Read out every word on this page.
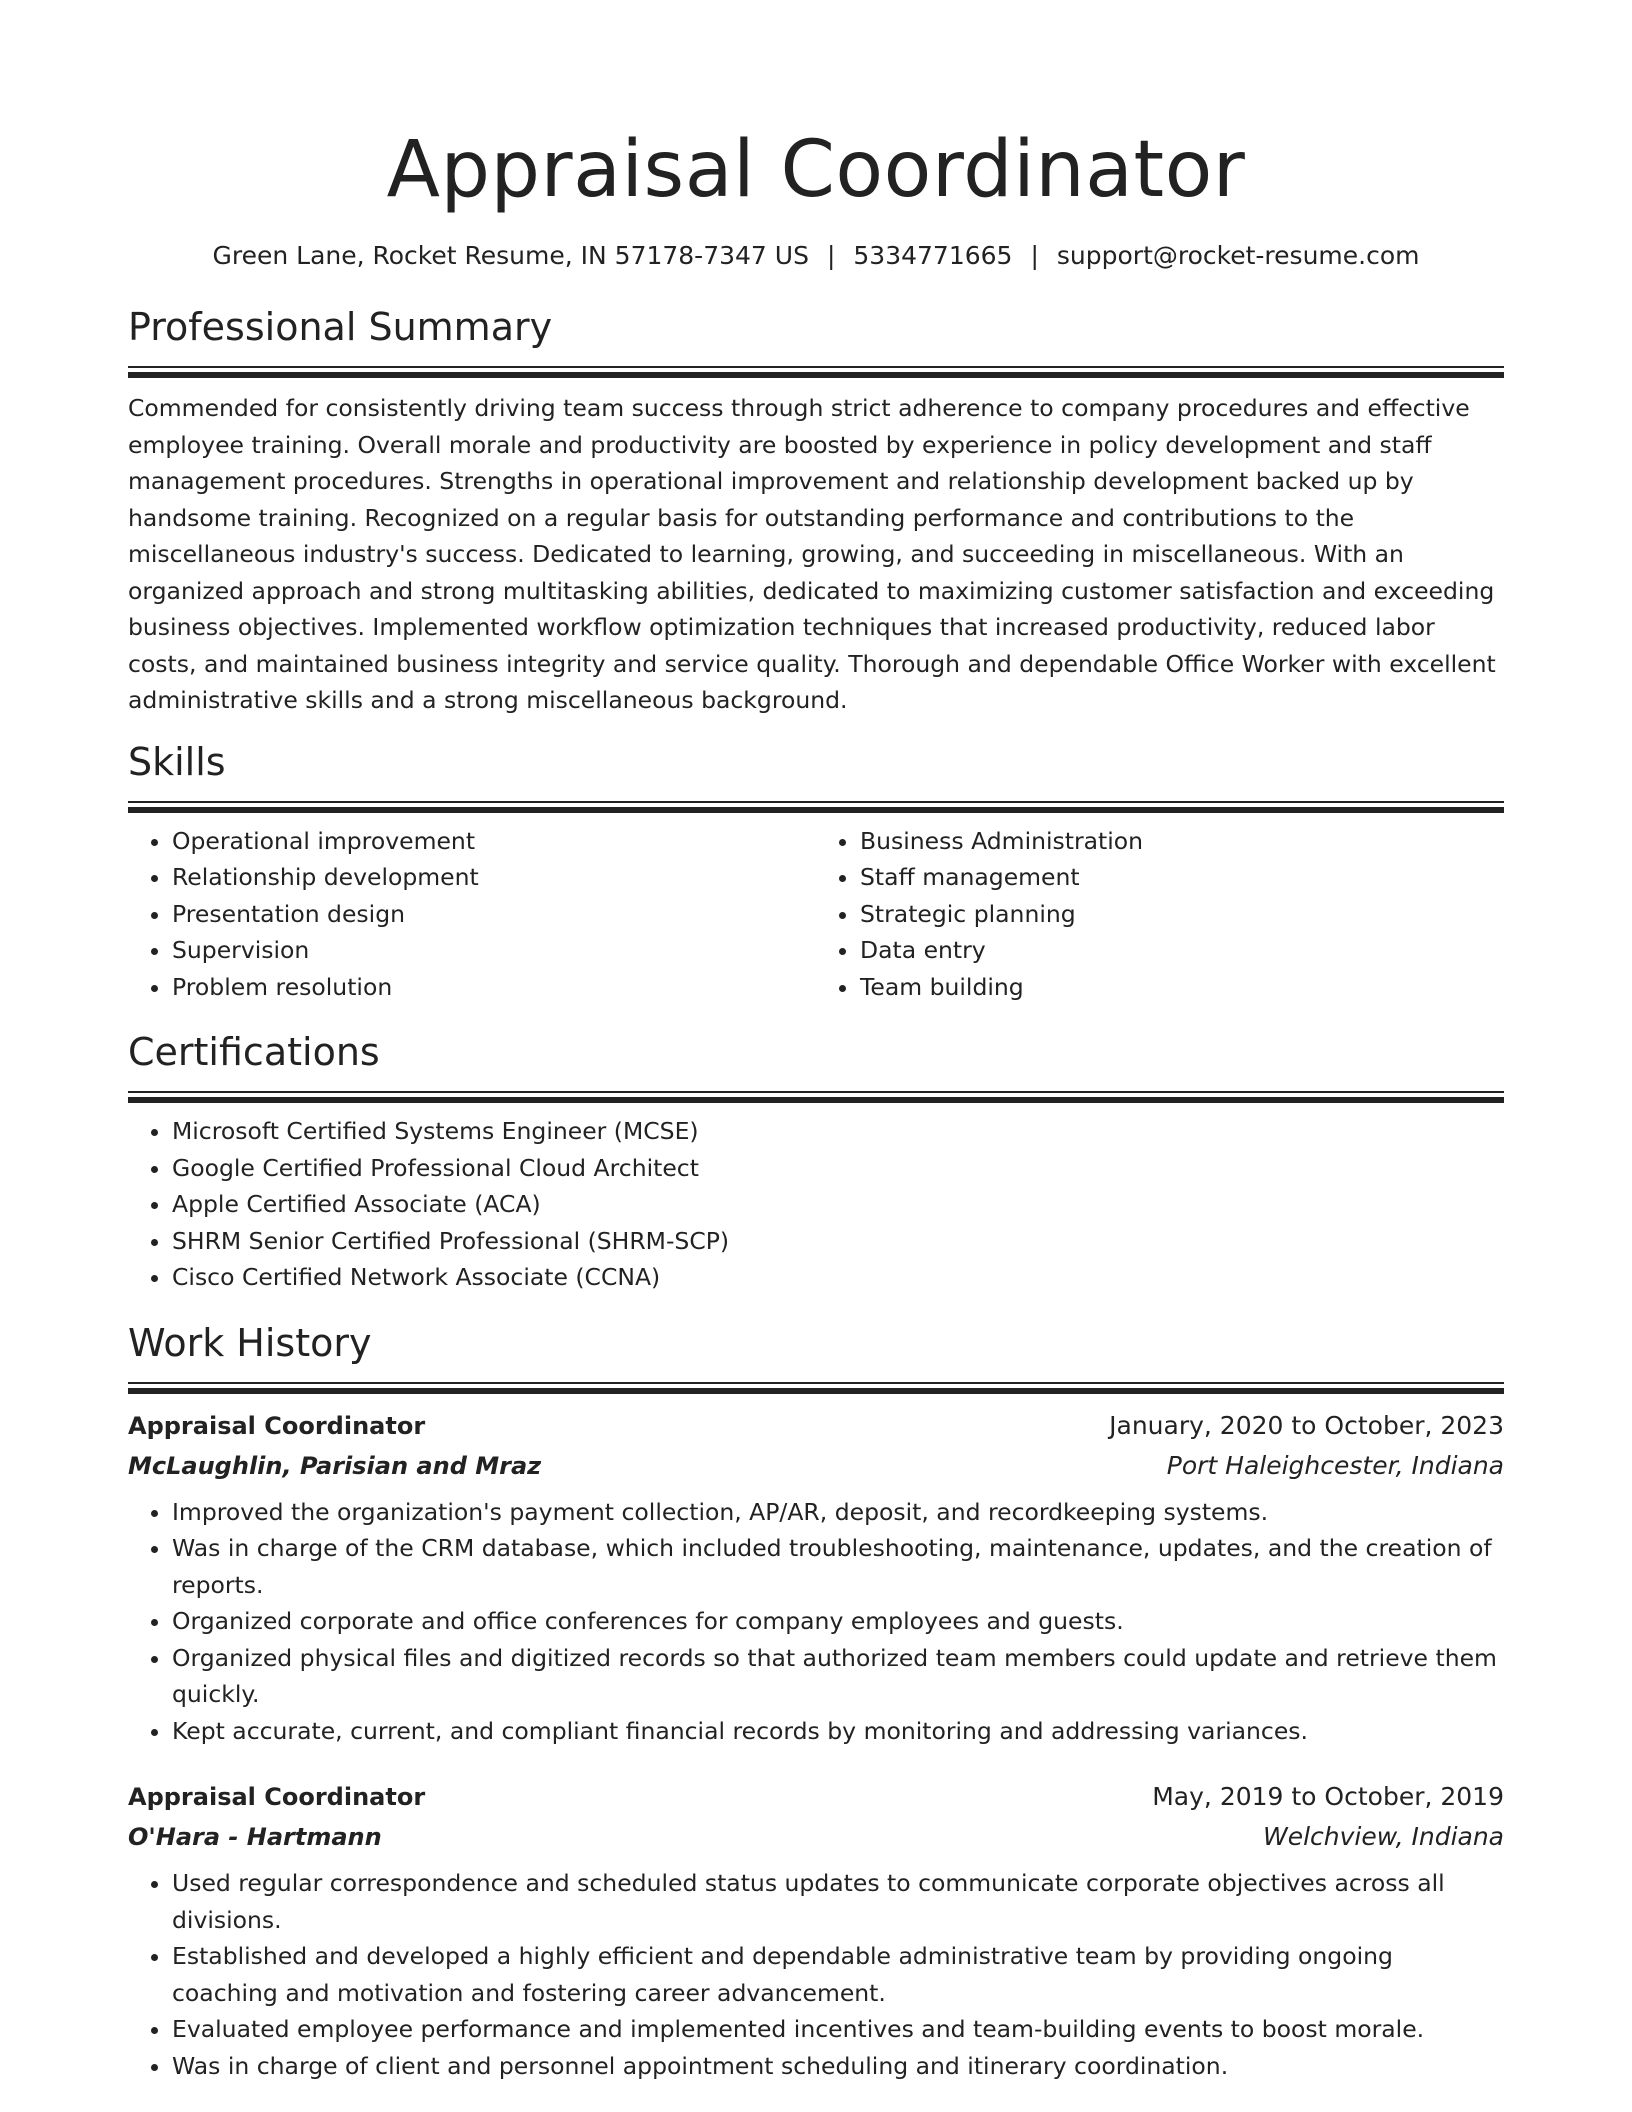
Appraisal Coordinator
Green Lane, Rocket Resume, IN 57178-7347 US | 5334771665 | support@rocket-resume.com
Professional Summary

Commended for consistently driving team success through strict adherence to company procedures and effective employee training. Overall morale and productivity are boosted by experience in policy development and staff management procedures. Strengths in operational improvement and relationship development backed up by handsome training. Recognized on a regular basis for outstanding performance and contributions to the miscellaneous industry's success. Dedicated to learning, growing, and succeeding in miscellaneous. With an organized approach and strong multitasking abilities, dedicated to maximizing customer satisfaction and exceeding business objectives. Implemented workflow optimization techniques that increased productivity, reduced labor costs, and maintained business integrity and service quality. Thorough and dependable Office Worker with excellent administrative skills and a strong miscellaneous background.

Skills
• Operational improvement
• Relationship development
• Presentation design
• Supervision
• Problem resolution
• Business Administration
• Staff management
• Strategic planning
• Data entry
• Team building
Certifications
• Microsoft Certified Systems Engineer (MCSE)
• Google Certified Professional Cloud Architect
• Apple Certified Associate (ACA)
• SHRM Senior Certified Professional (SHRM-SCP)
• Cisco Certified Network Associate (CCNA)
Work History
Appraisal Coordinator	January, 2020 to October, 2023
McLaughlin, Parisian and Mraz	Port Haleighcester, Indiana
• Improved the organization's payment collection, AP/AR, deposit, and recordkeeping systems.
• Was in charge of the CRM database, which included troubleshooting, maintenance, updates, and the creation of reports.
• Organized corporate and office conferences for company employees and guests.
• Organized physical files and digitized records so that authorized team members could update and retrieve them quickly.
• Kept accurate, current, and compliant financial records by monitoring and addressing variances.
Appraisal Coordinator	May, 2019 to October, 2019
O'Hara - Hartmann	Welchview, Indiana
• Used regular correspondence and scheduled status updates to communicate corporate objectives across all divisions.
• Established and developed a highly efficient and dependable administrative team by providing ongoing coaching and motivation and fostering career advancement.
• Evaluated employee performance and implemented incentives and team-building events to boost morale.
• Was in charge of client and personnel appointment scheduling and itinerary coordination.
